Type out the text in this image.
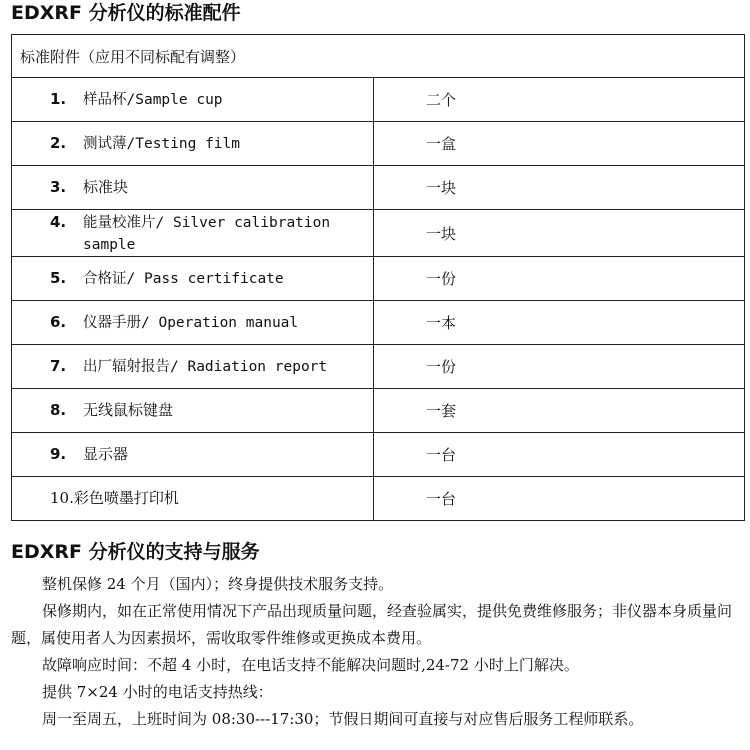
EDXRF 分析仪的标准配件
标准附件（应用不同标配有调整）	
1. 样品杯/Sample cup	二个
2. 测试薄/Testing film	一盒
3. 标准块	一块
4. 能量校准片/ Silver calibration
sample	一块
5. 合格证/ Pass certificate	一份
6. 仪器手册/ Operation manual	一本
7. 出厂辐射报告/ Radiation report	一份
8. 无线鼠标键盘	一套
9. 显示器	一台
10.彩色喷墨打印机	一台
EDXRF 分析仪的支持与服务

整机保修 24 个月（国内）；终身提供技术服务支持。

保修期内，如在正常使用情况下产品出现质量问题，经查验属实，提供免费维修服务；非仪器本身质量问题，属使用者人为因素损坏，需收取零件维修或更换成本费用。

故障响应时间：不超 4 小时，在电话支持不能解决问题时,24-72 小时上门解决。

提供 7×24 小时的电话支持热线：

周一至周五，上班时间为 08:30---17:30；节假日期间可直接与对应售后服务工程师联系。
